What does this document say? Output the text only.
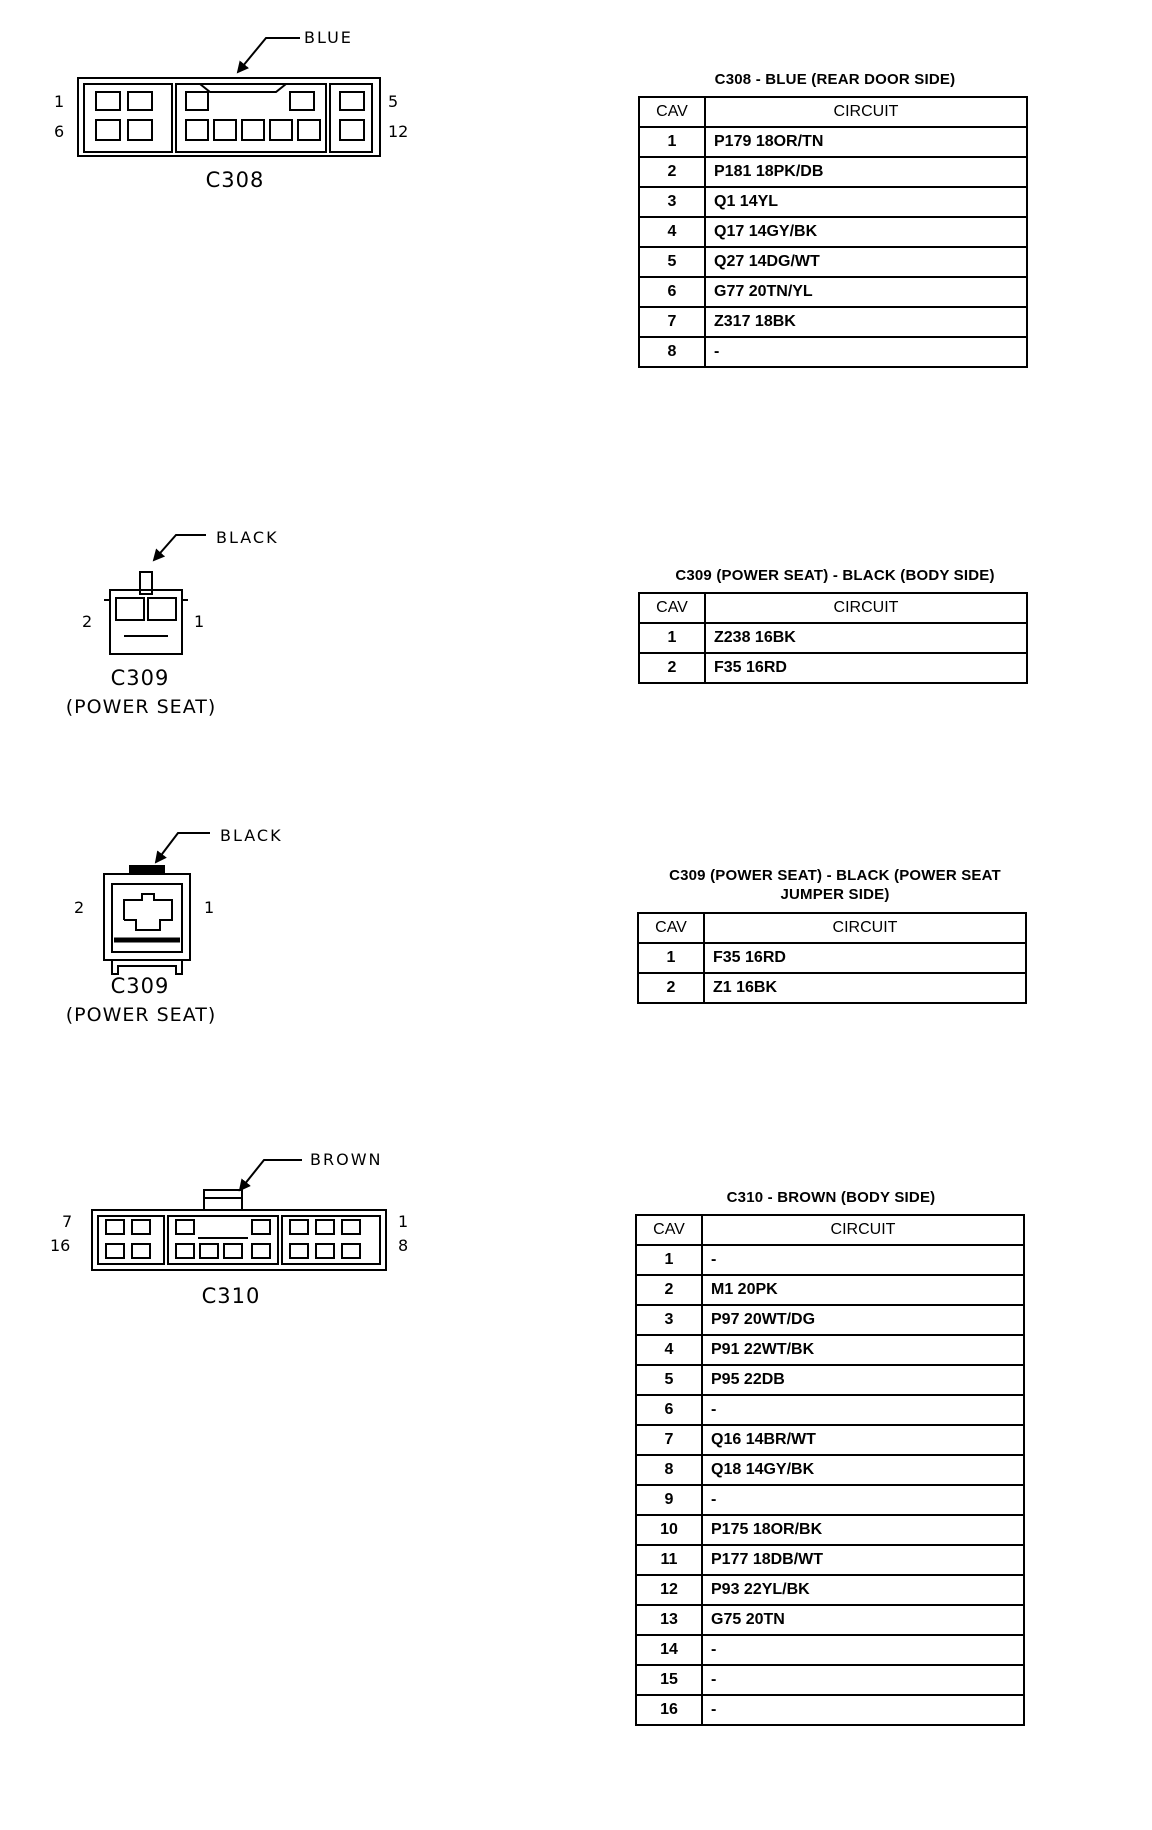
BLUE
1
6
5
12
C308
C308 - BLUE (REAR DOOR SIDE)
CAV	CIRCUIT
1	P179 18OR/TN
2	P181 18PK/DB
3	Q1 14YL
4	Q17 14GY/BK
5	Q27 14DG/WT
6	G77 20TN/YL
7	Z317 18BK
8	-
BLACK
2	1
C309
(POWER SEAT)
C309 (POWER SEAT) - BLACK (BODY SIDE)
CAV	CIRCUIT
1	Z238 16BK
2	F35 16RD
BLACK
2	1
C309
(POWER SEAT)
C309 (POWER SEAT) - BLACK (POWER SEAT
JUMPER SIDE)
CAV	CIRCUIT
1	F35 16RD
2	Z1 16BK
BROWN
7
16
1
8
C310
C310 - BROWN (BODY SIDE)
CAV	CIRCUIT
1	-
2	M1 20PK
3	P97 20WT/DG
4	P91 22WT/BK
5	P95 22DB
6	-
7	Q16 14BR/WT
8	Q18 14GY/BK
9	-
10	P175 18OR/BK
11	P177 18DB/WT
12	P93 22YL/BK
13	G75 20TN
14	-
15	-
16	-
